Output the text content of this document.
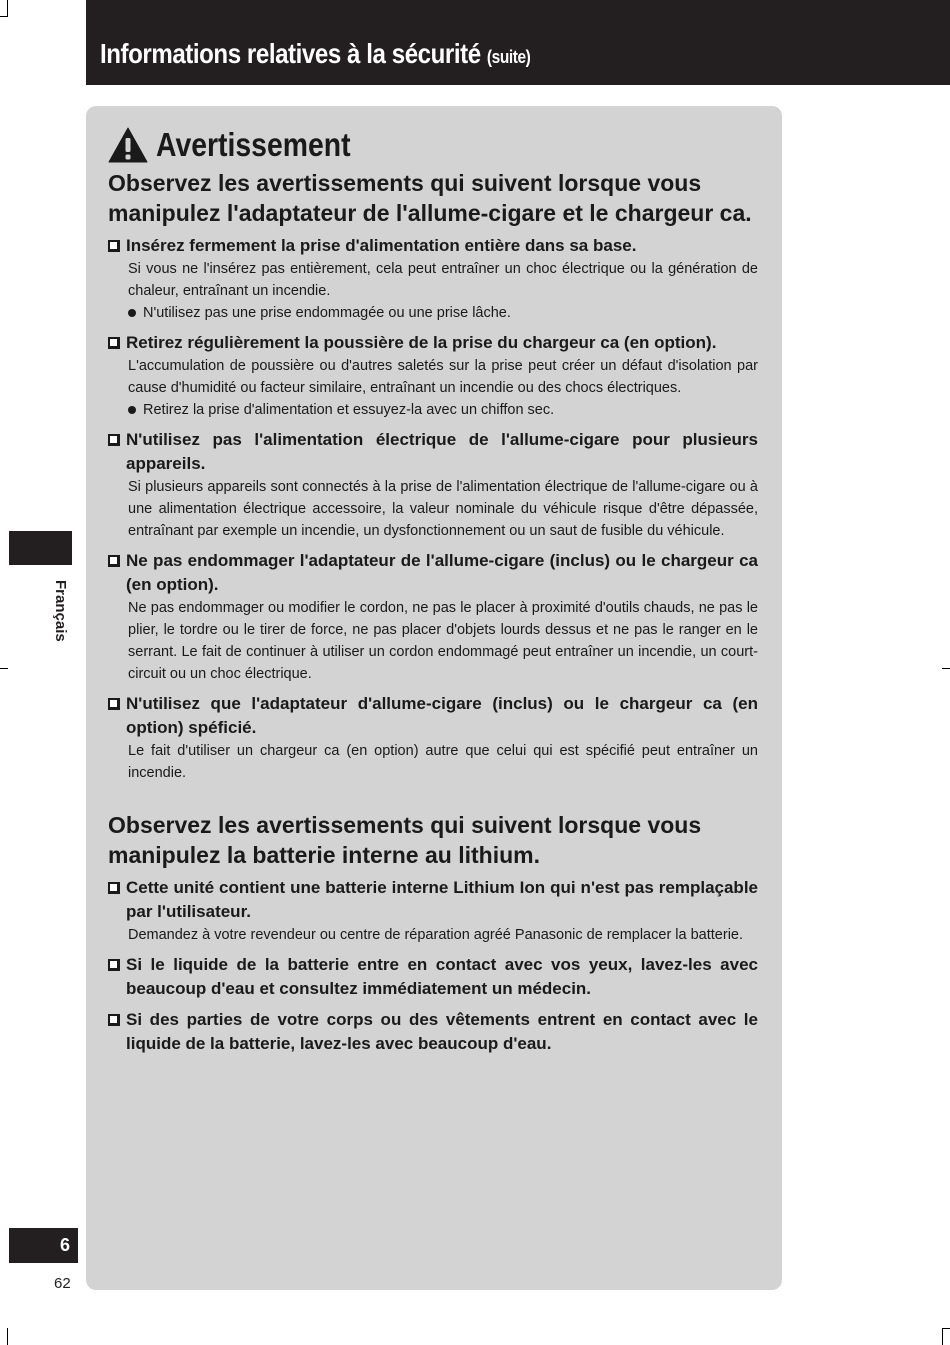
Informations relatives à la sécurité (suite)
Français
6
62
Avertissement
Observez les avertissements qui suivent lorsque vous manipulez l'adaptateur de l'allume-cigare et le chargeur ca.
Insérez fermement la prise d'alimentation entière dans sa base.
Si vous ne l'insérez pas entièrement, cela peut entraîner un choc électrique ou la génération de chaleur, entraînant un incendie.
N'utilisez pas une prise endommagée ou une prise lâche.
Retirez régulièrement la poussière de la prise du chargeur ca (en option).
L'accumulation de poussière ou d'autres saletés sur la prise peut créer un défaut d'isolation par cause d'humidité ou facteur similaire, entraînant un incendie ou des chocs électriques.
Retirez la prise d'alimentation et essuyez-la avec un chiffon sec.
N'utilisez pas l'alimentation électrique de l'allume-cigare pour plusieurs appareils.
Si plusieurs appareils sont connectés à la prise de l'alimentation électrique de l'allume-cigare ou à une alimentation électrique accessoire, la valeur nominale du véhicule risque d'être dépassée, entraînant par exemple un incendie, un dysfonctionnement ou un saut de fusible du véhicule.
Ne pas endommager l'adaptateur de l'allume-cigare (inclus) ou le chargeur ca (en option).
Ne pas endommager ou modifier le cordon, ne pas le placer à proximité d'outils chauds, ne pas le plier, le tordre ou le tirer de force, ne pas placer d'objets lourds dessus et ne pas le ranger en le serrant. Le fait de continuer à utiliser un cordon endommagé peut entraîner un incendie, un court-circuit ou un choc électrique.
N'utilisez que l'adaptateur d'allume-cigare (inclus) ou le chargeur ca (en option) spéficié.
Le fait d'utiliser un chargeur ca (en option) autre que celui qui est spécifié peut entraîner un incendie.
Observez les avertissements qui suivent lorsque vous manipulez la batterie interne au lithium.
Cette unité contient une batterie interne Lithium Ion qui n'est pas remplaçable par l'utilisateur.
Demandez à votre revendeur ou centre de réparation agréé Panasonic de remplacer la batterie.
Si le liquide de la batterie entre en contact avec vos yeux, lavez-les avec beaucoup d'eau et consultez immédiatement un médecin.
Si des parties de votre corps ou des vêtements entrent en contact avec le liquide de la batterie, lavez-les avec beaucoup d'eau.
